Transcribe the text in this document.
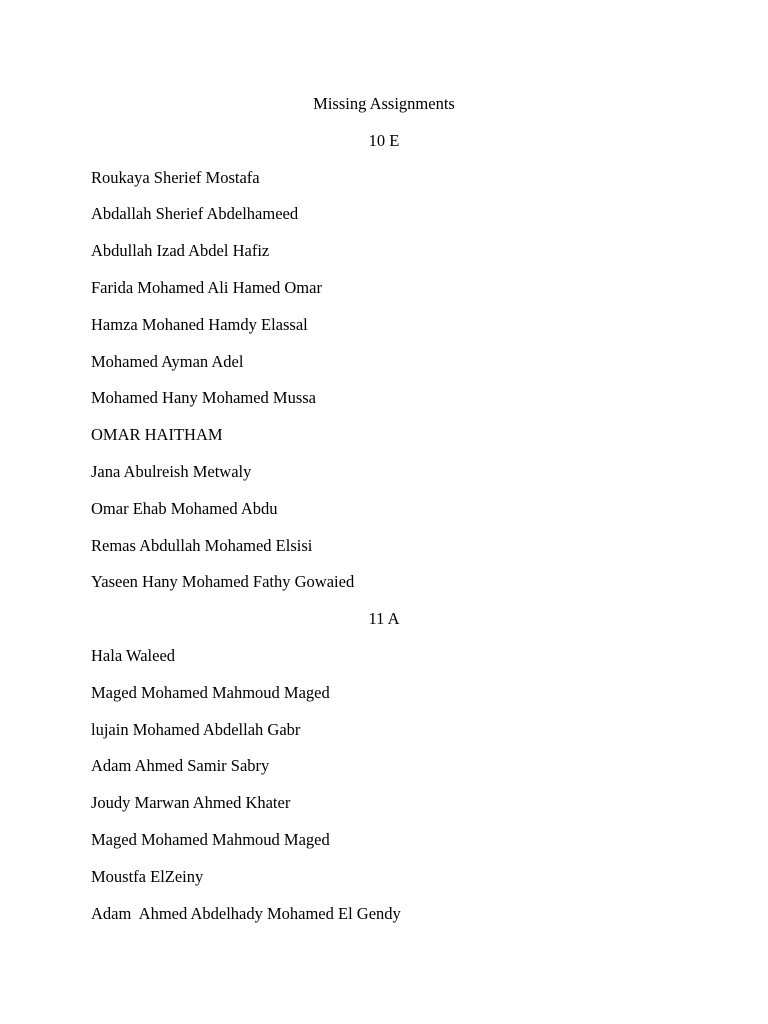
Missing Assignments
10 E
Roukaya Sherief Mostafa
Abdallah Sherief Abdelhameed
Abdullah Izad Abdel Hafiz
Farida Mohamed Ali Hamed Omar
Hamza Mohaned Hamdy Elassal
Mohamed Ayman Adel
Mohamed Hany Mohamed Mussa
OMAR HAITHAM
Jana Abulreish Metwaly
Omar Ehab Mohamed Abdu
Remas Abdullah Mohamed Elsisi
Yaseen Hany Mohamed Fathy Gowaied
11 A
Hala Waleed
Maged Mohamed Mahmoud Maged
lujain Mohamed Abdellah Gabr
Adam Ahmed Samir Sabry
Joudy Marwan Ahmed Khater
Maged Mohamed Mahmoud Maged
Moustfa ElZeiny
Adam  Ahmed Abdelhady Mohamed El Gendy
